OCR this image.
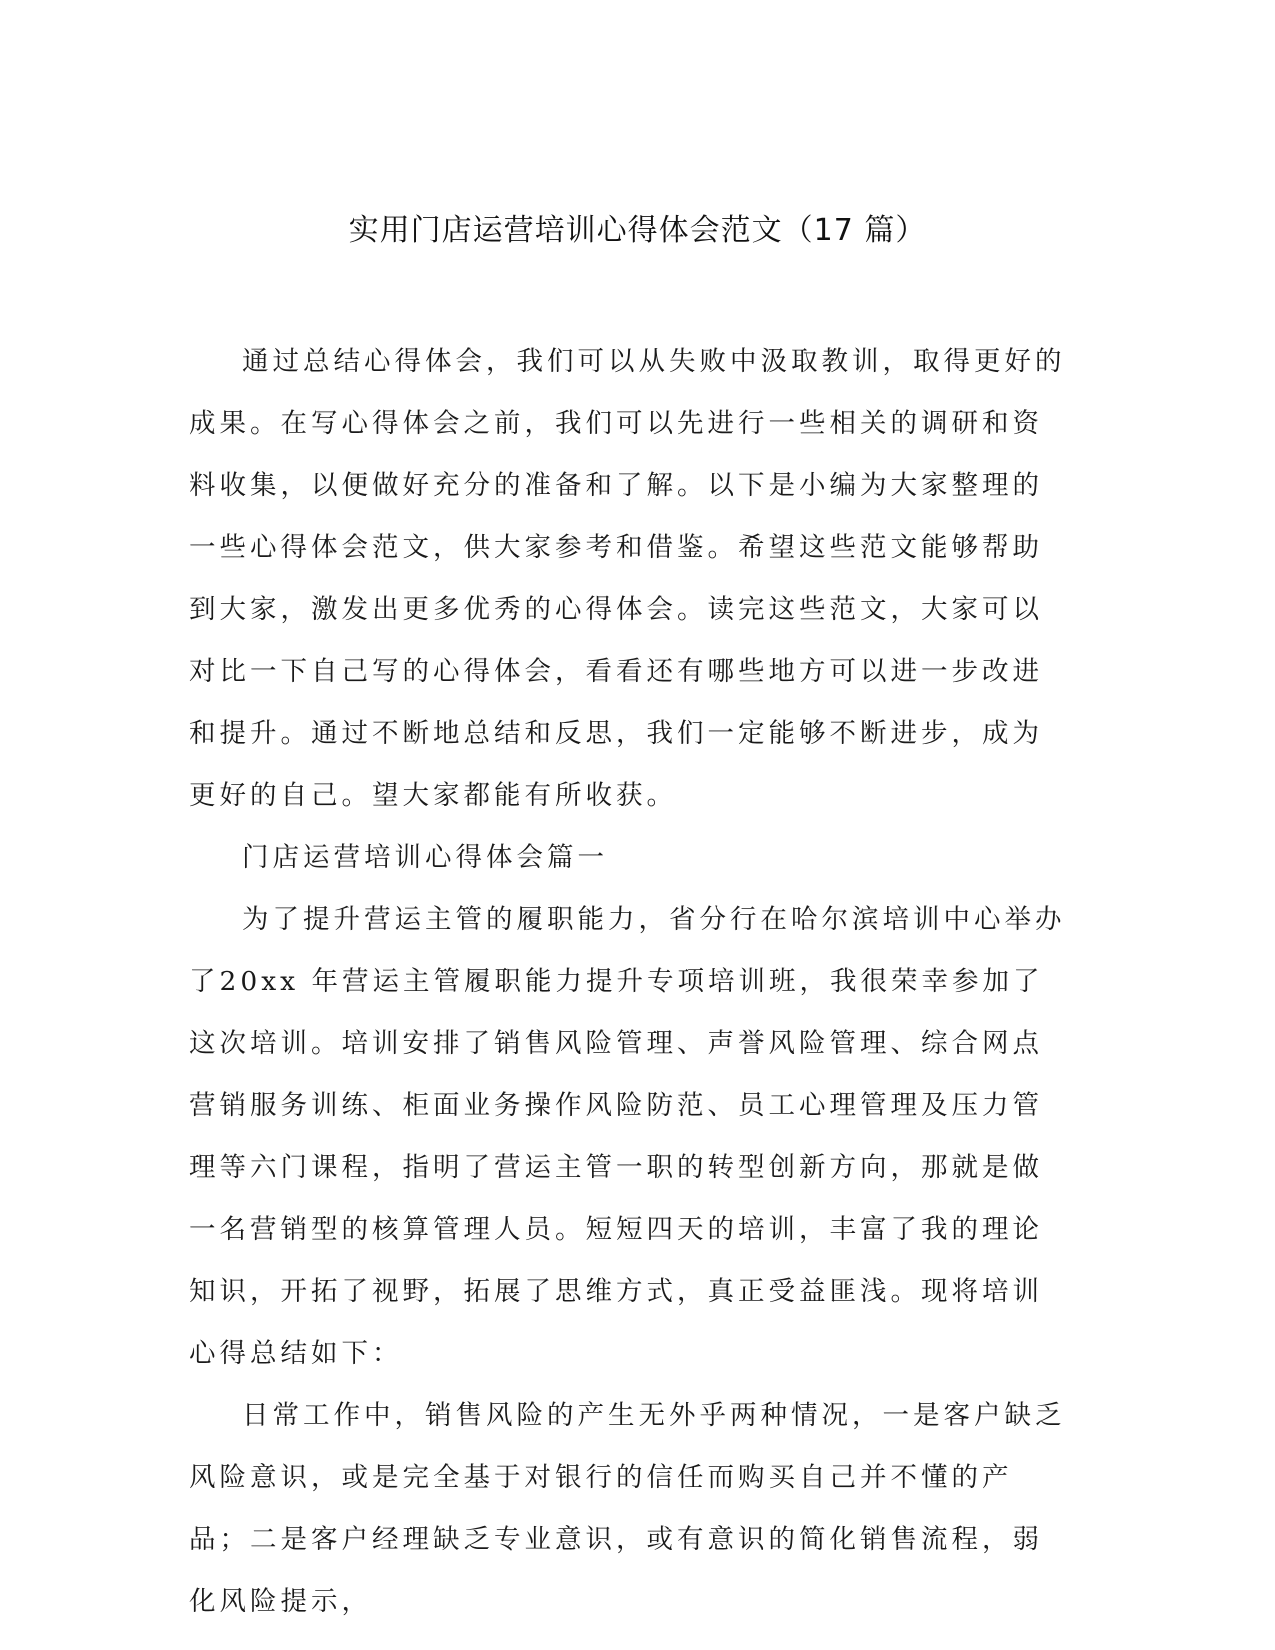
实用门店运营培训心得体会范文（17 篇）

通过总结心得体会，我们可以从失败中汲取教训，取得更好的成果。在写心得体会之前，我们可以先进行一些相关的调研和资料收集，以便做好充分的准备和了解。以下是小编为大家整理的一些心得体会范文，供大家参考和借鉴。希望这些范文能够帮助到大家，激发出更多优秀的心得体会。读完这些范文，大家可以对比一下自己写的心得体会，看看还有哪些地方可以进一步改进和提升。通过不断地总结和反思，我们一定能够不断进步，成为更好的自己。望大家都能有所收获。

门店运营培训心得体会篇一

为了提升营运主管的履职能力，省分行在哈尔滨培训中心举办了20xx 年营运主管履职能力提升专项培训班，我很荣幸参加了这次培训。培训安排了销售风险管理、声誉风险管理、综合网点营销服务训练、柜面业务操作风险防范、员工心理管理及压力管理等六门课程，指明了营运主管一职的转型创新方向，那就是做一名营销型的核算管理人员。短短四天的培训，丰富了我的理论知识，开拓了视野，拓展了思维方式，真正受益匪浅。现将培训心得总结如下：

日常工作中，销售风险的产生无外乎两种情况，一是客户缺乏风险意识，或是完全基于对银行的信任而购买自己并不懂的产品；二是客户经理缺乏专业意识，或有意识的简化销售流程，弱化风险提示，
